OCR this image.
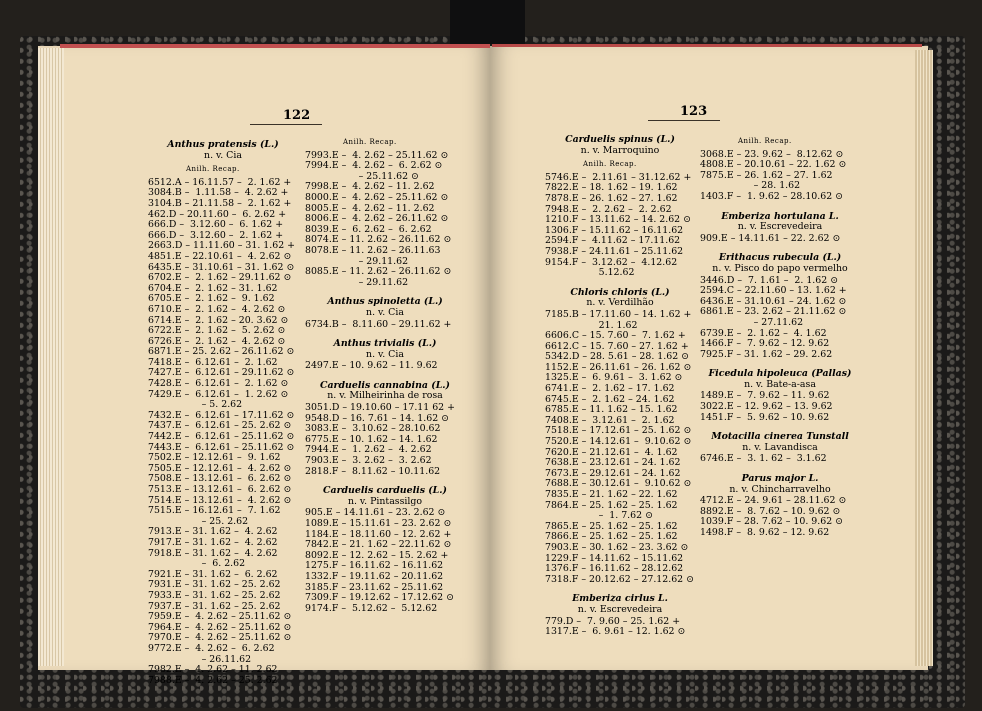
122	123
Anthus pratensis (L.)
n. v. Cia
Anilh. Recap.
6512.A – 16.11.57 –  2. 1.62 +
3084.B –  1.11.58 –  4. 2.62 +
3104.B – 21.11.58 –  2. 1.62 +
462.D – 20.11.60 –  6. 2.62 +
666.D –  3.12.60 –  6. 1.62 +
666.D –  3.12.60 –  2. 1.62 +
2663.D – 11.11.60 – 31. 1.62 +
4851.E – 22.10.61 –  4. 2.62 ⊙
6435.E – 31.10.61 – 31. 1.62 ⊙
6702.E –  2. 1.62 – 29.11.62 ⊙
6704.E –  2. 1.62 – 31. 1.62
6705.E –  2. 1.62 –  9. 1.62
6710.E –  2. 1.62 –  4. 2.62 ⊙
6714.E –  2. 1.62 – 20. 3.62 ⊙
6722.E –  2. 1.62 –  5. 2.62 ⊙
6726.E –  2. 1.62 –  4. 2.62 ⊙
6871.E – 25. 2.62 – 26.11.62 ⊙
7418.E –  6.12.61 –  2. 1.62
7427.E –  6.12.61 – 29.11.62 ⊙
7428.E –  6.12.61 –  2. 1.62 ⊙
7429.E –  6.12.61 –  1. 2.62 ⊙
– 5. 2.62
7432.E –  6.12.61 – 17.11.62 ⊙
7437.E –  6.12.61 – 25. 2.62 ⊙
7442.E –  6.12.61 – 25.11.62 ⊙
7443.E –  6.12.61 – 25.11.62 ⊙
7502.E – 12.12.61 –  9. 1.62
7505.E – 12.12.61 –  4. 2.62 ⊙
7508.E – 13.12.61 –  6. 2.62 ⊙
7513.E – 13.12.61 –  6. 2.62 ⊙
7514.E – 13.12.61 –  4. 2.62 ⊙
7515.E – 16.12.61 –  7. 1.62
– 25. 2.62
7913.E – 31. 1.62 –  4. 2.62
7917.E – 31. 1.62 –  4. 2.62
7918.E – 31. 1.62 –  4. 2.62
–  6. 2.62
7921.E – 31. 1.62 –  6. 2.62
7931.E – 31. 1.62 – 25. 2.62
7933.E – 31. 1.62 – 25. 2.62
7937.E – 31. 1.62 – 25. 2.62
7959.E –  4. 2.62 – 25.11.62 ⊙
7964.E –  4. 2.62 – 25.11.62 ⊙
7970.E –  4. 2.62 – 25.11.62 ⊙
9772.E –  4. 2.62 –  6. 2.62
– 26.11.62
7982.E –  4. 2.62 – 11. 2.62
7988.E –  4. 2.62 – 25. 2.62
Anilh. Recap.
7993.E –  4. 2.62 – 25.11.62 ⊙
7994.E –  4. 2.62 –  6. 2.62 ⊙
– 25.11.62 ⊙
7998.E –  4. 2.62 – 11. 2.62
8000.E –  4. 2.62 – 25.11.62 ⊙
8005.E –  4. 2.62 – 11. 2.62
8006.E –  4. 2.62 – 26.11.62 ⊙
8039.E –  6. 2.62 –  6. 2.62
8074.E – 11. 2.62 – 26.11.62 ⊙
8078.E – 11. 2.62 – 26.11.63
– 29.11.62
8085.E – 11. 2.62 – 26.11.62 ⊙
– 29.11.62
Anthus spinoletta (L.)
n. v. Cia
6734.B –  8.11.60 – 29.11.62 +
Anthus trivialis (L.)
n. v. Cia
2497.E – 10. 9.62 – 11. 9.62
Carduelis cannabina (L.)
n. v. Milheirinha de rosa
3051.D – 19.10.60 – 17.11 62 +
9548.D – 16. 7.61 – 14. 1.62 ⊙
3083.E –  3.10.62 – 28.10.62
6775.E – 10. 1.62 – 14. 1.62
7944.E –  1. 2.62 –  4. 2.62
7903.E –  3. 2.62 –  3. 2.62
2818.F –  8.11.62 – 10.11.62
Carduelis carduelis (L.)
n. v. Pintassilgo
905.E – 14.11.61 – 23. 2.62 ⊙
1089.E – 15.11.61 – 23. 2.62 ⊙
1184.E – 18.11.60 – 12. 2.62 +
7842.E – 21. 1.62 – 22.11.62 ⊙
8092.E – 12. 2.62 – 15. 2.62 +
1275.F – 16.11.62 – 16.11.62
1332.F – 19.11.62 – 20.11.62
3185.F – 23.11.62 – 25.11.62
7309.F – 19.12.62 – 17.12.62 ⊙
9174.F –  5.12.62 –  5.12.62
Carduelis spinus (L.)
n. v. Marroquino
Anilh. Recap.
5746.E –  2.11.61 – 31.12.62 +
7822.E – 18. 1.62 – 19. 1.62
7878.E – 26. 1.62 – 27. 1.62
7948.E –  2. 2.62 –  2. 2.62
1210.F – 13.11.62 – 14. 2.62 ⊙
1306.F – 15.11.62 – 16.11.62
2594.F –  4.11.62 – 17.11.62
7938.F – 24.11.61 – 25.11.62
9154.F –  3.12.62 –  4.12.62
5.12.62
Chloris chloris (L.)
n. v. Verdilhão
7185.B – 17.11.60 – 14. 1.62 +
21. 1.62
6606.C – 15. 7.60 –  7. 1.62 +
6612.C – 15. 7.60 – 27. 1.62 +
5342.D – 28. 5.61 – 28. 1.62 ⊙
1152.E – 26.11.61 – 26. 1.62 ⊙
1325.E –  6. 9.61 –  3. 1.62 ⊙
6741.E –  2. 1.62 – 17. 1.62
6745.E –  2. 1.62 – 24. 1.62
6785.E – 11. 1.62 – 15. 1.62
7408.E –  3.12.61 –  2. 1.62
7518.E – 17.12.61 – 25. 1.62 ⊙
7520.E – 14.12.61 –  9.10.62 ⊙
7620.E – 21.12.61 –  4. 1.62
7638.E – 23.12.61 – 24. 1.62
7673.E – 29.12.61 – 24. 1.62
7688.E – 30.12.61 –  9.10.62 ⊙
7835.E – 21. 1.62 – 22. 1.62
7864.E – 25. 1.62 – 25. 1.62
–  1. 7.62 ⊙
7865.E – 25. 1.62 – 25. 1.62
7866.E – 25. 1.62 – 25. 1.62
7903.E – 30. 1.62 – 23. 3.62 ⊙
1229.F – 14.11.62 – 15.11.62
1376.F – 16.11.62 – 28.12.62
7318.F – 20.12.62 – 27.12.62 ⊙
Emberiza cirlus L.
n. v. Escrevedeira
779.D –  7. 9.60 – 25. 1.62 +
1317.E –  6. 9.61 – 12. 1.62 ⊙
Anilh. Recap.
3068.E – 23. 9.62 –  8.12.62 ⊙
4808.E – 20.10.61 – 22. 1.62 ⊙
7875.E – 26. 1.62 – 27. 1.62
– 28. 1.62
1403.F –  1. 9.62 – 28.10.62 ⊙
Emberiza hortulana L.
n. v. Escrevedeira
909.E – 14.11.61 – 22. 2.62 ⊙
Erithacus rubecula (L.)
n. v. Pisco do papo vermelho
3446.D –  7. 1.61 –  2. 1.62 ⊙
2594.C – 22.11.60 – 13. 1.62 +
6436.E – 31.10.61 – 24. 1.62 ⊙
6861.E – 23. 2.62 – 21.11.62 ⊙
– 27.11.62
6739.E –  2. 1.62 –  4. 1.62
1466.F –  7. 9.62 – 12. 9.62
7925.F – 31. 1.62 – 29. 2.62
Ficedula hipoleuca (Pallas)
n. v. Bate-a-asa
1489.E –  7. 9.62 – 11. 9.62
3022.E – 12. 9.62 – 13. 9.62
1451.F –  5. 9.62 – 10. 9.62
Motacilla cinerea Tunstall
n. v. Lavandisca
6746.E –  3. 1. 62 –  3.1.62
Parus major L.
n. v. Chincharravelho
4712.E – 24. 9.61 – 28.11.62 ⊙
8892.E –  8. 7.62 – 10. 9.62 ⊙
1039.F – 28. 7.62 – 10. 9.62 ⊙
1498.F –  8. 9.62 – 12. 9.62
